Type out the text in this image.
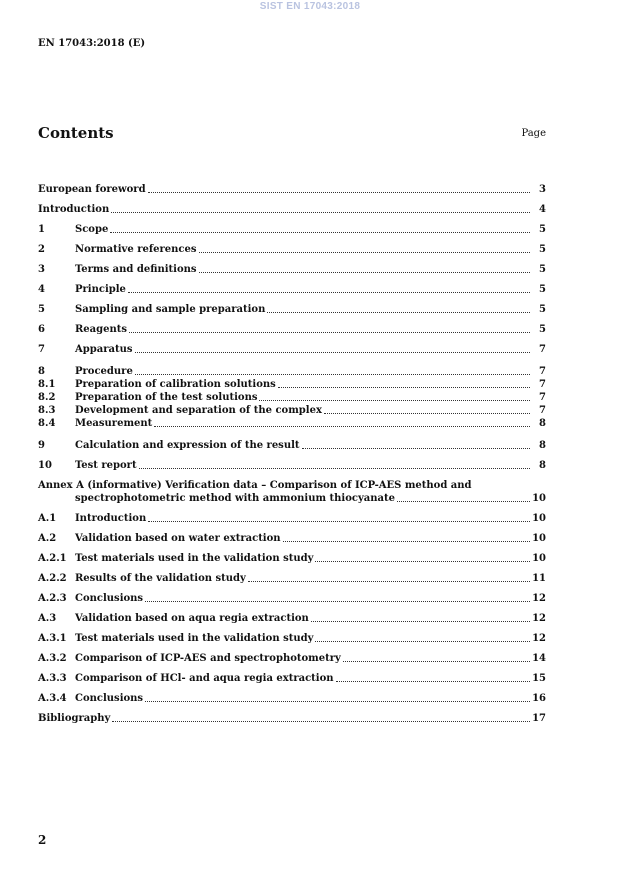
SIST EN 17043:2018
EN 17043:2018 (E)
Contents	Page
European foreword	3
Introduction	4
1	Scope	5
2	Normative references	5
3	Terms and definitions	5
4	Principle	5
5	Sampling and sample preparation	5
6	Reagents	5
7	Apparatus	7
8	Procedure	7
8.1	Preparation of calibration solutions	7
8.2	Preparation of the test solutions	7
8.3	Development and separation of the complex	7
8.4	Measurement	8
9	Calculation and expression of the result	8
10	Test report	8
Annex A (informative) Verification data – Comparison of ICP-AES method and
spectrophotometric method with ammonium thiocyanate	10
A.1	Introduction	10
A.2	Validation based on water extraction	10
A.2.1 Test materials used in the validation study	10
A.2.2 Results of the validation study	11
A.2.3 Conclusions	12
A.3	Validation based on aqua regia extraction	12
A.3.1 Test materials used in the validation study	12
A.3.2 Comparison of ICP-AES and spectrophotometry	14
A.3.3 Comparison of HCl- and aqua regia extraction	15
A.3.4 Conclusions	16
Bibliography	17
2
